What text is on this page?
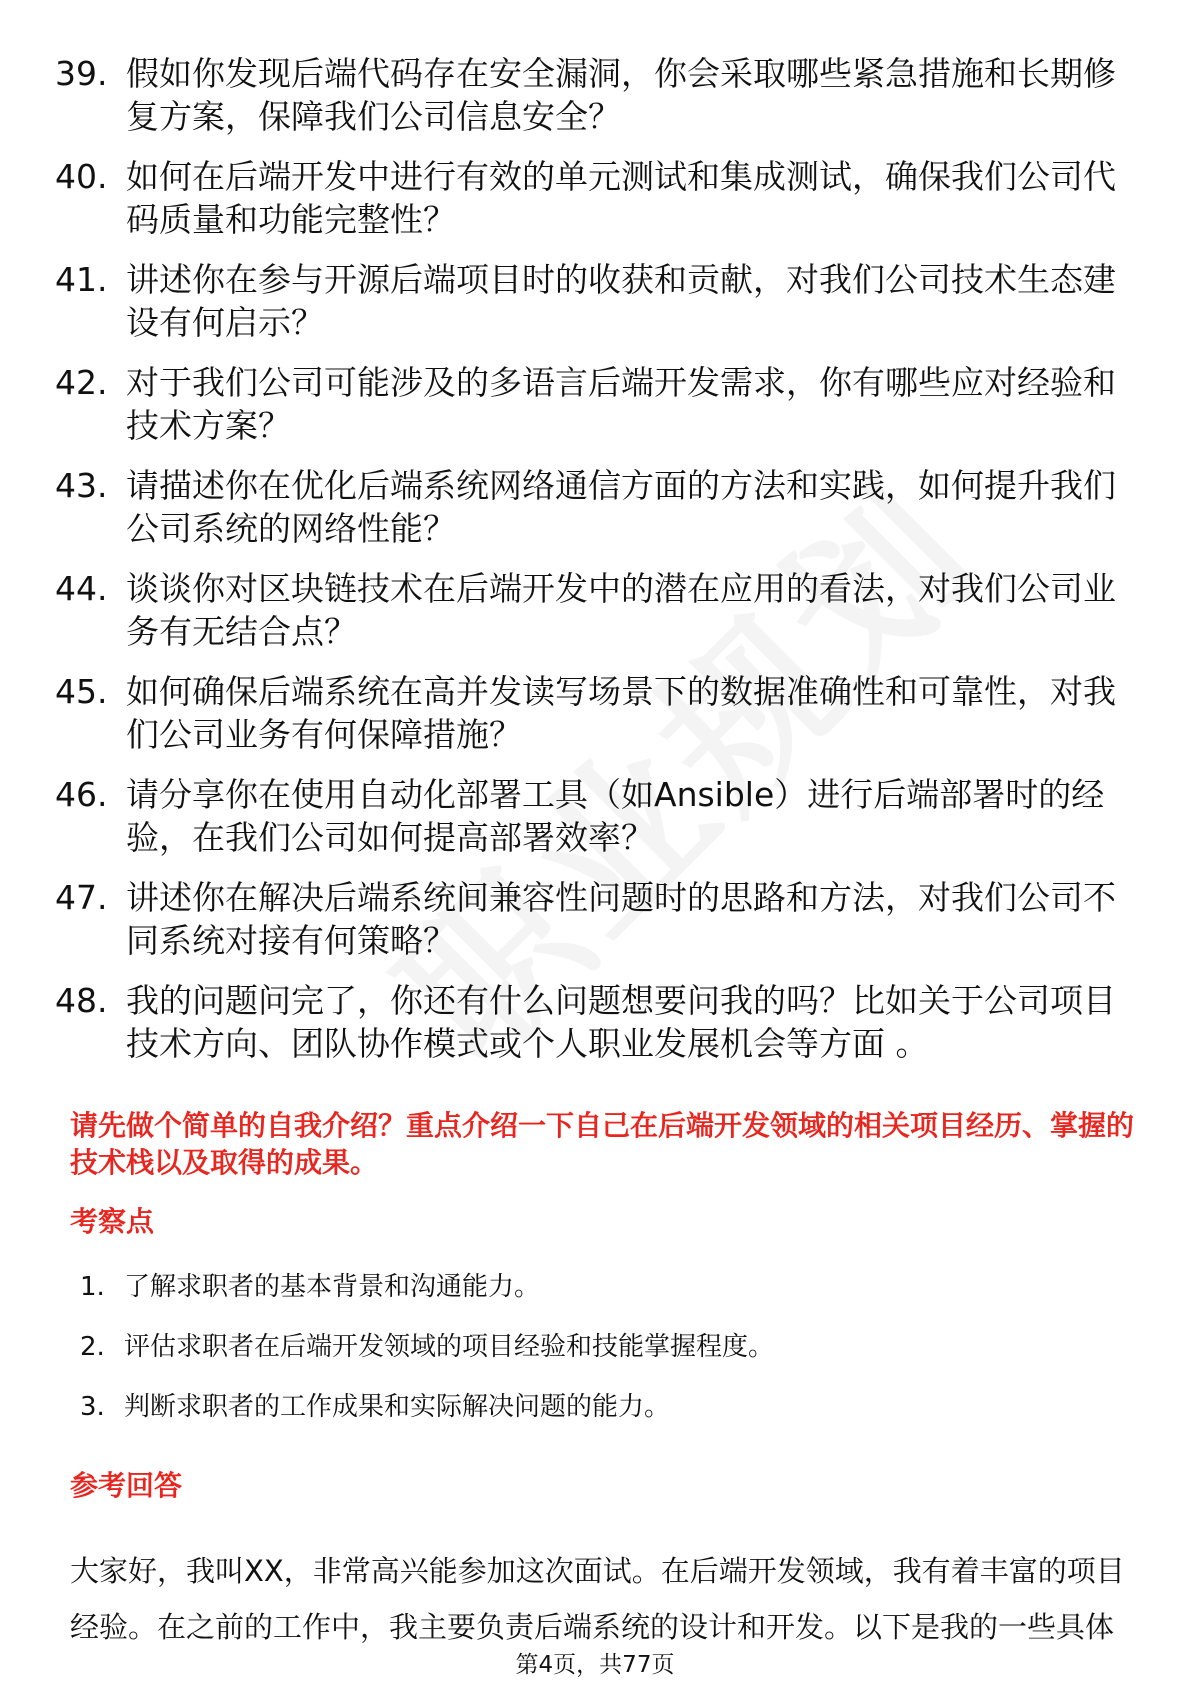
39. 假如你发现后端代码存在安全漏洞，你会采取哪些紧急措施和长期修复方案，保障我们公司信息安全？
40. 如何在后端开发中进行有效的单元测试和集成测试，确保我们公司代码质量和功能完整性？
41. 讲述你在参与开源后端项目时的收获和贡献，对我们公司技术生态建设有何启示？
42. 对于我们公司可能涉及的多语言后端开发需求，你有哪些应对经验和技术方案？
43. 请描述你在优化后端系统网络通信方面的方法和实践，如何提升我们公司系统的网络性能？
44. 谈谈你对区块链技术在后端开发中的潜在应用的看法，对我们公司业务有无结合点？
45. 如何确保后端系统在高并发读写场景下的数据准确性和可靠性，对我们公司业务有何保障措施？
46. 请分享你在使用自动化部署工具（如Ansible）进行后端部署时的经验，在我们公司如何提高部署效率？
47. 讲述你在解决后端系统间兼容性问题时的思路和方法，对我们公司不同系统对接有何策略？
48. 我的问题问完了，你还有什么问题想要问我的吗？比如关于公司项目技术方向、团队协作模式或个人职业发展机会等方面 。
请先做个简单的自我介绍？重点介绍一下自己在后端开发领域的相关项目经历、掌握的技术栈以及取得的成果。
考察点
1. 了解求职者的基本背景和沟通能力。
2. 评估求职者在后端开发领域的项目经验和技能掌握程度。
3. 判断求职者的工作成果和实际解决问题的能力。
参考回答
大家好，我叫XX，非常高兴能参加这次面试。在后端开发领域，我有着丰富的项目经验。在之前的工作中，我主要负责后端系统的设计和开发。以下是我的一些具体
第4页，共77页
